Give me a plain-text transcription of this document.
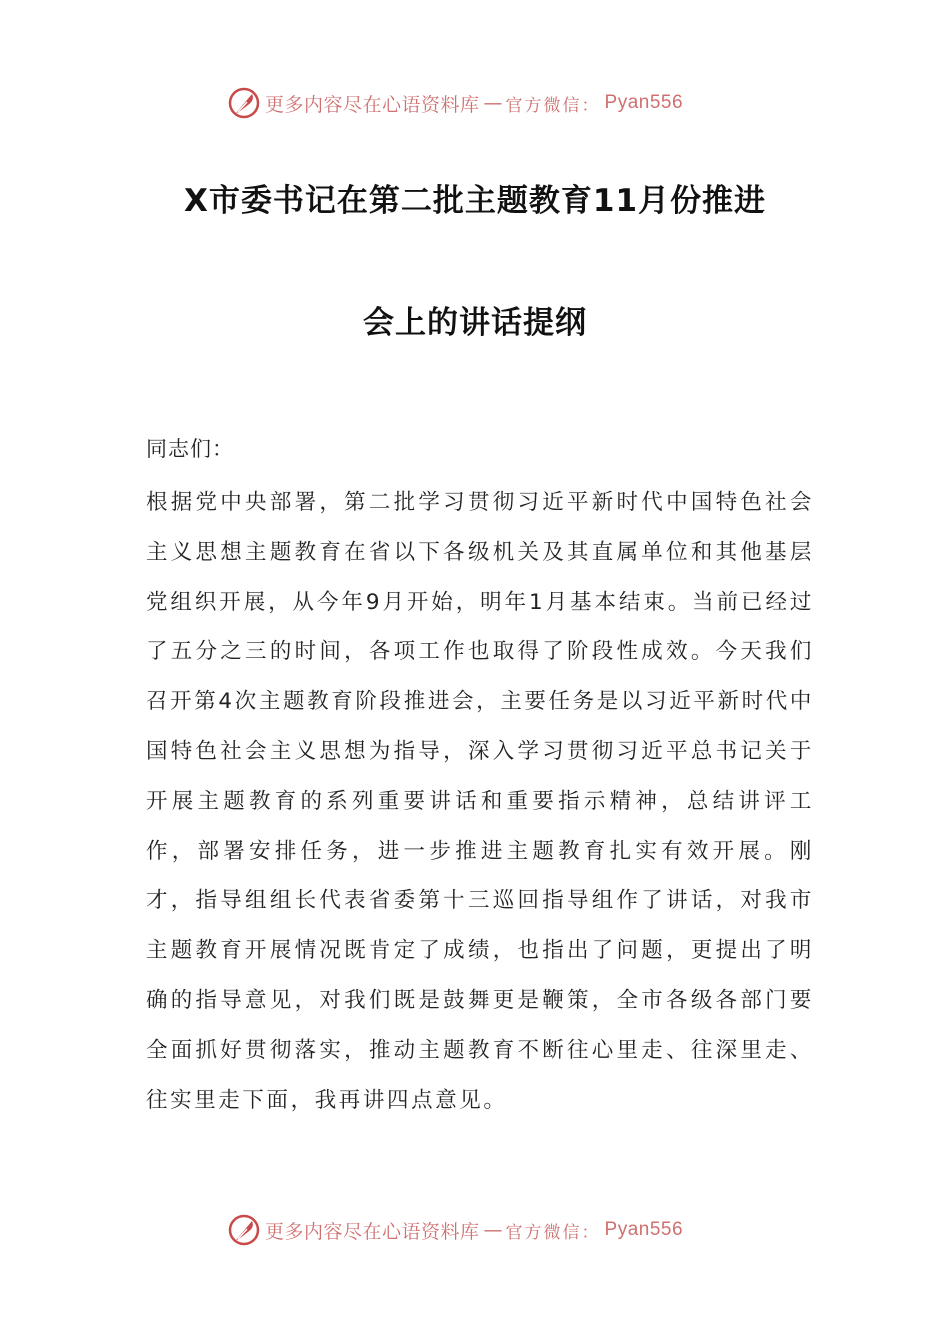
更多内容尽在心语资料库 — 官方微信： Pyan556
X市委书记在第二批主题教育11月份推进
会上的讲话提纲
同志们：

根据党中央部署，第二批学习贯彻习近平新时代中国特色社会主义思想主题教育在省以下各级机关及其直属单位和其他基层党组织开展，从今年9月开始，明年1月基本结束。当前已经过了五分之三的时间，各项工作也取得了阶段性成效。今天我们召开第4次主题教育阶段推进会，主要任务是以习近平新时代中国特色社会主义思想为指导，深入学习贯彻习近平总书记关于开展主题教育的系列重要讲话和重要指示精神，总结讲评工作，部署安排任务，进一步推进主题教育扎实有效开展。刚才，指导组组长代表省委第十三巡回指导组作了讲话，对我市主题教育开展情况既肯定了成绩，也指出了问题，更提出了明确的指导意见，对我们既是鼓舞更是鞭策，全市各级各部门要全面抓好贯彻落实，推动主题教育不断往心里走、往深里走、往实里走下面，我再讲四点意见。

更多内容尽在心语资料库 — 官方微信： Pyan556
